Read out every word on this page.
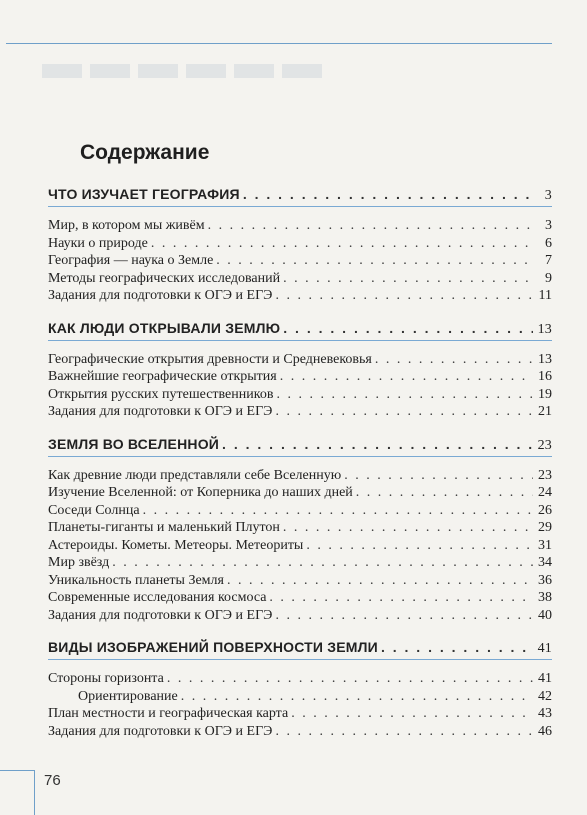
Содержание
ЧТО ИЗУЧАЕТ ГЕОГРАФИЯ . . .	3
Мир, в котором мы живём . . .	3
Науки о природе . . .	6
География — наука о Земле . . .	7
Методы географических исследований . . .	9
Задания для подготовки к ОГЭ и ЕГЭ . . .	11
КАК ЛЮДИ ОТКРЫВАЛИ ЗЕМЛЮ . . .	13
Географические открытия древности и Средневековья . . .	13
Важнейшие географические открытия . . .	16
Открытия русских путешественников . . .	19
Задания для подготовки к ОГЭ и ЕГЭ . . .	21
ЗЕМЛЯ ВО ВСЕЛЕННОЙ . . .	23
Как древние люди представляли себе Вселенную . . .	23
Изучение Вселенной: от Коперника до наших дней . . .	24
Соседи Солнца . . .	26
Планеты-гиганты и маленький Плутон . . .	29
Астероиды. Кометы. Метеоры. Метеориты . . .	31
Мир звёзд . . .	34
Уникальность планеты Земля . . .	36
Современные исследования космоса . . .	38
Задания для подготовки к ОГЭ и ЕГЭ . . .	40
ВИДЫ ИЗОБРАЖЕНИЙ ПОВЕРХНОСТИ ЗЕМЛИ . . .	41
Стороны горизонта . . .	41
Ориентирование . . .	42
План местности и географическая карта . . .	43
Задания для подготовки к ОГЭ и ЕГЭ . . .	46
76
